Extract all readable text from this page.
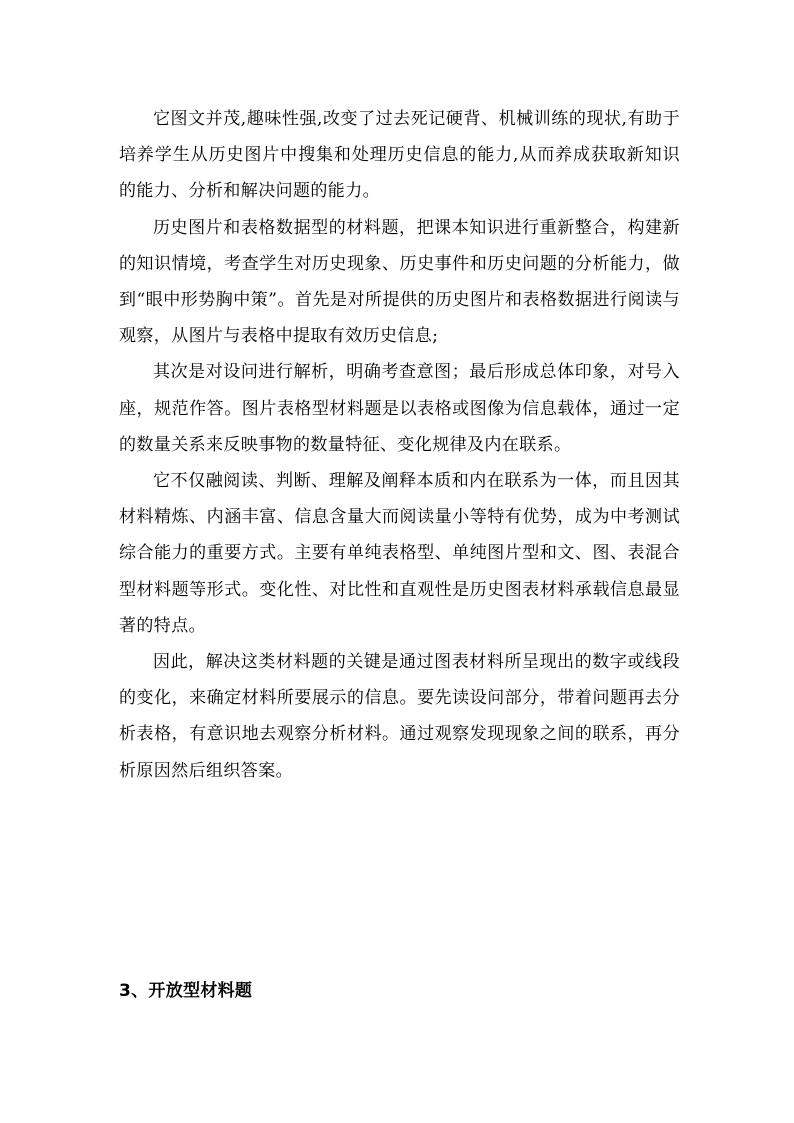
它图文并茂,趣味性强,改变了过去死记硬背、机械训练的现状,有助于培养学生从历史图片中搜集和处理历史信息的能力,从而养成获取新知识的能力、分析和解决问题的能力。

历史图片和表格数据型的材料题，把课本知识进行重新整合，构建新的知识情境，考查学生对历史现象、历史事件和历史问题的分析能力，做到“眼中形势胸中策”。首先是对所提供的历史图片和表格数据进行阅读与观察，从图片与表格中提取有效历史信息;

其次是对设问进行解析，明确考查意图；最后形成总体印象，对号入座，规范作答。图片表格型材料题是以表格或图像为信息载体，通过一定的数量关系来反映事物的数量特征、变化规律及内在联系。

它不仅融阅读、判断、理解及阐释本质和内在联系为一体，而且因其材料精炼、内涵丰富、信息含量大而阅读量小等特有优势，成为中考测试综合能力的重要方式。主要有单纯表格型、单纯图片型和文、图、表混合型材料题等形式。变化性、对比性和直观性是历史图表材料承载信息最显著的特点。

因此，解决这类材料题的关键是通过图表材料所呈现出的数字或线段的变化，来确定材料所要展示的信息。要先读设问部分，带着问题再去分析表格，有意识地去观察分析材料。通过观察发现现象之间的联系，再分析原因然后组织答案。

3、开放型材料题
